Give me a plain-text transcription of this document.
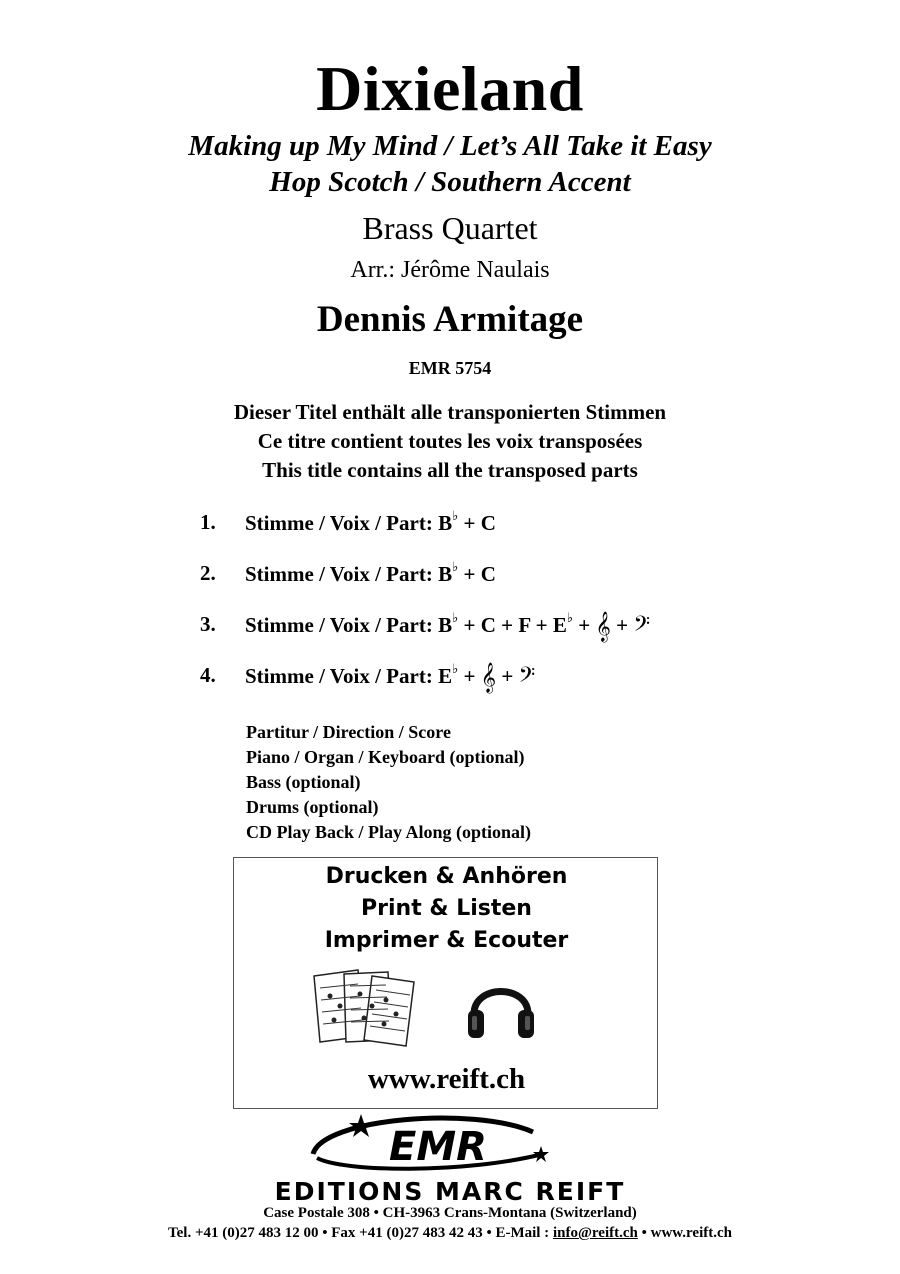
Dixieland
Making up My Mind / Let’s All Take it Easy
Hop Scotch / Southern Accent
Brass Quartet
Arr.: Jérôme Naulais
Dennis Armitage
EMR 5754
Dieser Titel enthält alle transponierten Stimmen
Ce titre contient toutes les voix transposées
This title contains all the transposed parts
1.	Stimme / Voix / Part: B♭ + C
2.	Stimme / Voix / Part: B♭ + C
3.	Stimme / Voix / Part: B♭ + C + F + E♭ + 𝄞 + 𝄢
4.	Stimme / Voix / Part: E♭ + 𝄞 + 𝄢
Partitur / Direction / Score
Piano / Organ / Keyboard (optional)
Bass (optional)
Drums (optional)
CD Play Back / Play Along (optional)
Drucken & Anhören
Print & Listen
Imprimer & Ecouter
www.reift.ch
EMR
EDITIONS MARC REIFT
Case Postale 308 • CH-3963 Crans-Montana (Switzerland)
Tel. +41 (0)27 483 12 00 • Fax +41 (0)27 483 42 43 • E-Mail : info@reift.ch • www.reift.ch
